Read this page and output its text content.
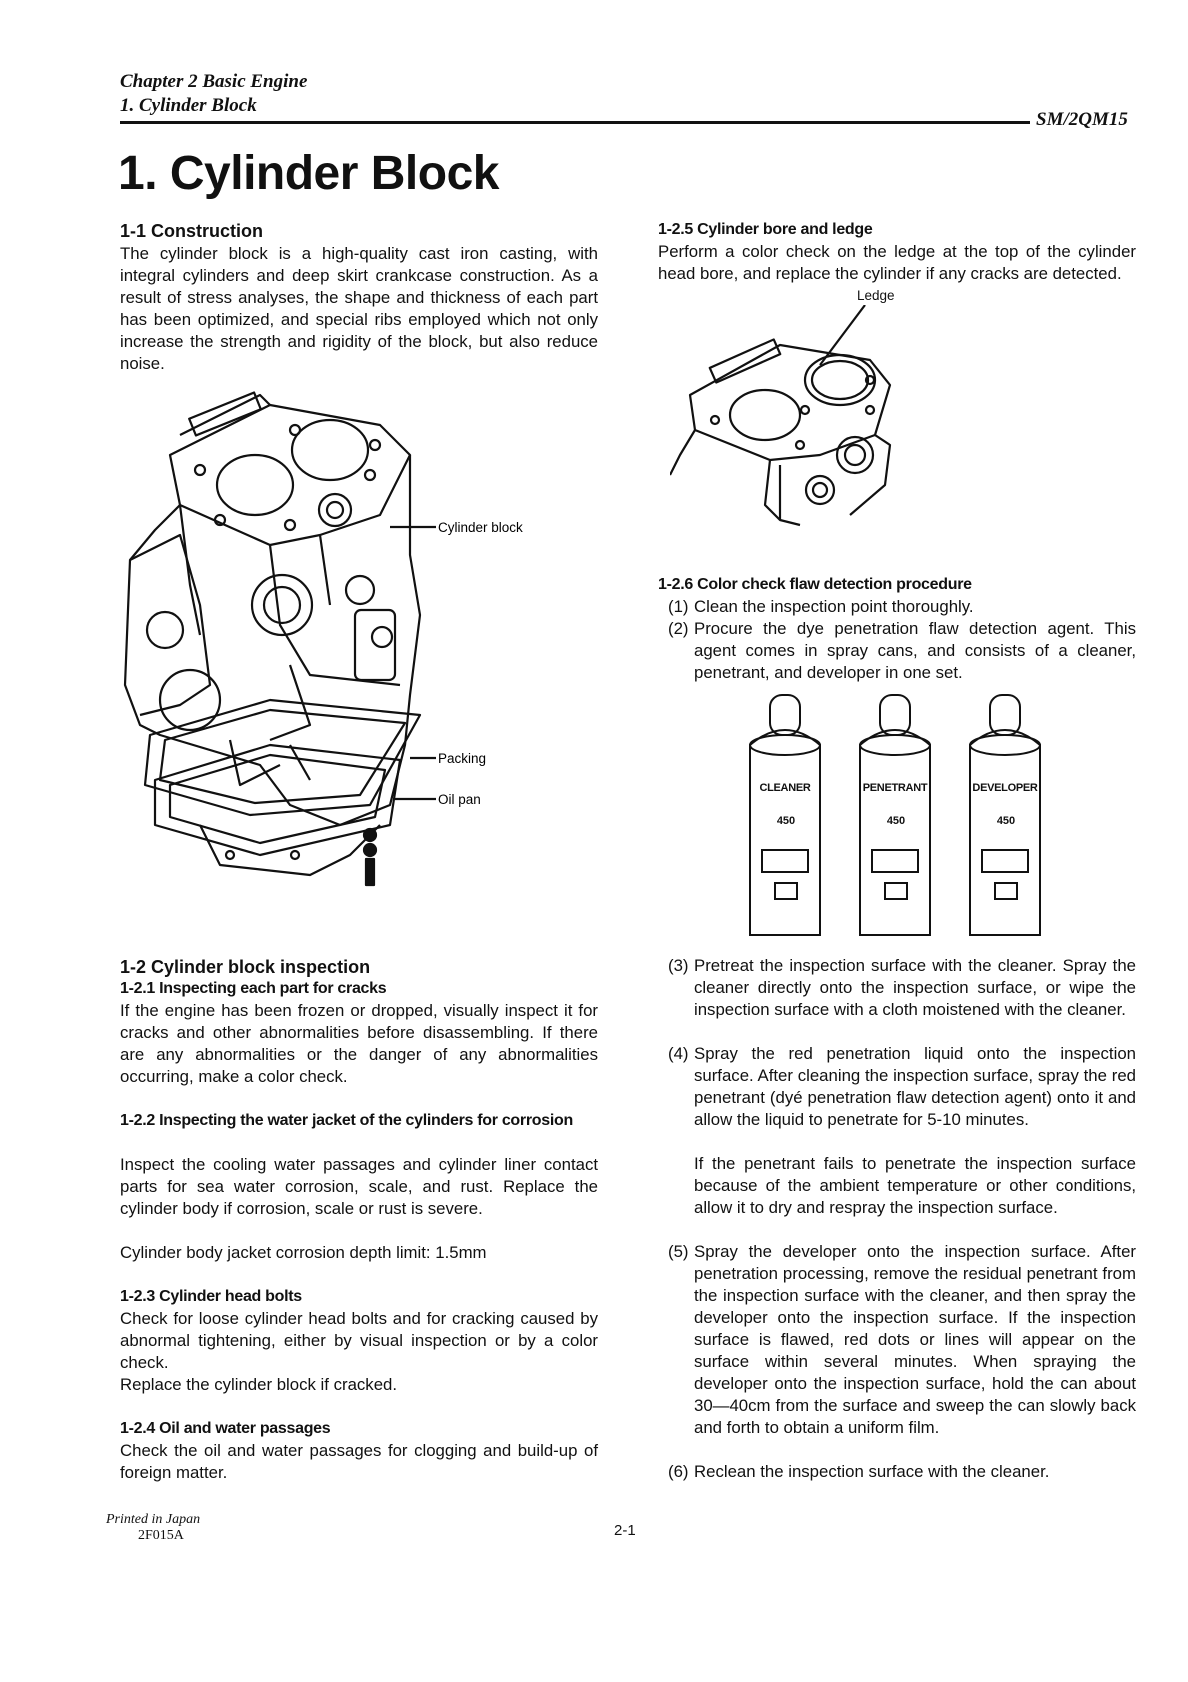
Chapter 2 Basic Engine
1. Cylinder Block
SM/2QM15
1. Cylinder Block
1-1 Construction
The cylinder block is a high-quality cast iron casting, with integral cylinders and deep skirt crankcase construction. As a result of stress analyses, the shape and thickness of each part has been optimized, and special ribs employed which not only increase the strength and rigidity of the block, but also reduce noise.
Cylinder block
Packing
Oil pan
1-2 Cylinder block inspection
1-2.1 Inspecting each part for cracks
If the engine has been frozen or dropped, visually inspect it for cracks and other abnormalities before disassembling. If there are any abnormalities or the danger of any abnormalities occurring, make a color check.
1-2.2 Inspecting the water jacket of the cylinders for corrosion
Inspect the cooling water passages and cylinder liner contact parts for sea water corrosion, scale, and rust. Replace the cylinder body if corrosion, scale or rust is severe.
Cylinder body jacket corrosion depth limit: 1.5mm
1-2.3 Cylinder head bolts
Check for loose cylinder head bolts and for cracking caused by abnormal tightening, either by visual inspection or by a color check.
Replace the cylinder block if cracked.
1-2.4 Oil and water passages
Check the oil and water passages for clogging and build-up of foreign matter.
1-2.5 Cylinder bore and ledge
Perform a color check on the ledge at the top of the cylinder head bore, and replace the cylinder if any cracks are detected.
Ledge
1-2.6 Color check flaw detection procedure
(1) Clean the inspection point thoroughly.
(2) Procure the dye penetration flaw detection agent. This agent comes in spray cans, and consists of a cleaner, penetrant, and developer in one set.
CLEANER
450
PENETRANT
450
DEVELOPER
450
(3) Pretreat the inspection surface with the cleaner. Spray the cleaner directly onto the inspection surface, or wipe the inspection surface with a cloth moistened with the cleaner.
(4) Spray the red penetration liquid onto the inspection surface. After cleaning the inspection surface, spray the red penetrant (dyé penetration flaw detection agent) onto it and allow the liquid to penetrate for 5-10 minutes.
If the penetrant fails to penetrate the inspection surface because of the ambient temperature or other conditions, allow it to dry and respray the inspection surface.
(5) Spray the developer onto the inspection surface. After penetration processing, remove the residual penetrant from the inspection surface with the cleaner, and then spray the developer onto the inspection surface. If the inspection surface is flawed, red dots or lines will appear on the surface within several minutes. When spraying the developer onto the inspection surface, hold the can about 30—40cm from the surface and sweep the can slowly back and forth to obtain a uniform film.
(6) Reclean the inspection surface with the cleaner.
Printed in Japan
2F015A	2-1
